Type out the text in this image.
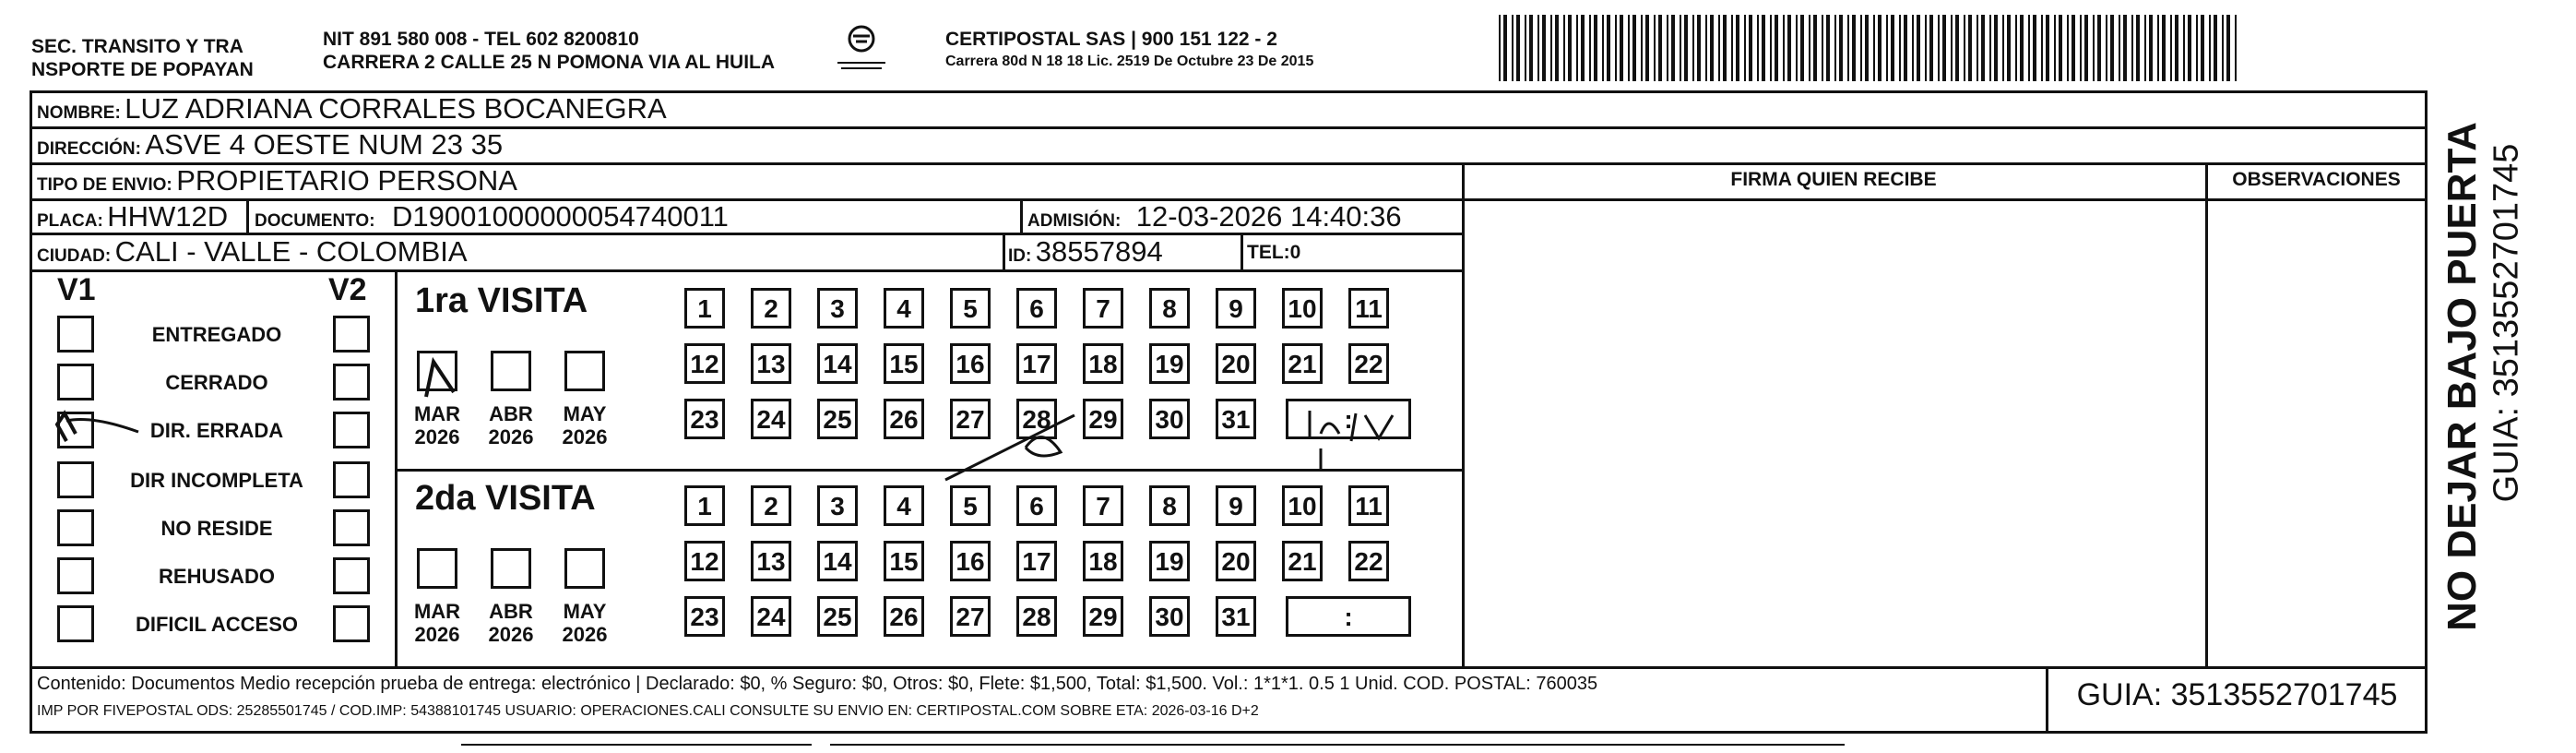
SEC. TRANSITO Y TRA
NSPORTE DE POPAYAN
NIT 891 580 008 - TEL 602 8200810
CARRERA 2 CALLE 25 N POMONA VIA AL HUILA
CERTIPOSTAL SAS | 900 151 122 - 2
Carrera 80d N 18 18 Lic. 2519 De Octubre 23 De 2015
NOMBRE: LUZ ADRIANA CORRALES BOCANEGRA
DIRECCIÓN: ASVE 4 OESTE NUM 23 35
TIPO DE ENVIO: PROPIETARIO PERSONA	FIRMA QUIEN RECIBE	OBSERVACIONES
PLACA: HHW12D DOCUMENTO: D19001000000054740011	ADMISIÓN: 12-03-2026 14:40:36
CIUDAD: CALI - VALLE - COLOMBIA	ID: 38557894	TEL:0
V1	V2
ENTREGADO
CERRADO
DIR. ERRADA
DIR INCOMPLETA
NO RESIDE
REHUSADO
DIFICIL ACCESO
1ra VISITA
2da VISITA
MAR
2026
ABR
2026
MAY
2026
1	2	3	4	5	6	7	8	9	10 11
12 13 14 15 16 17 18 19 20 21 22
23 24 25 26 27 28 29 30 31	:
MAR
2026
ABR
2026
MAY
2026
1	2	3	4	5	6	7	8	9	10 11
12 13 14 15 16 17 18 19 20 21 22
23 24 25 26 27 28 29 30 31	:
Contenido: Documentos Medio recepción prueba de entrega: electrónico | Declarado: $0, % Seguro: $0, Otros: $0, Flete: $1,500, Total: $1,500. Vol.: 1*1*1. 0.5 1 Unid. COD. POSTAL: 760035
IMP POR FIVEPOSTAL ODS: 25285501745 / COD.IMP: 54388101745 USUARIO: OPERACIONES.CALI CONSULTE SU ENVIO EN: CERTIPOSTAL.COM SOBRE ETA: 2026-03-16 D+2	GUIA: 3513552701745
NO DEJAR BAJO PUERTA GUIA: 3513552701745
